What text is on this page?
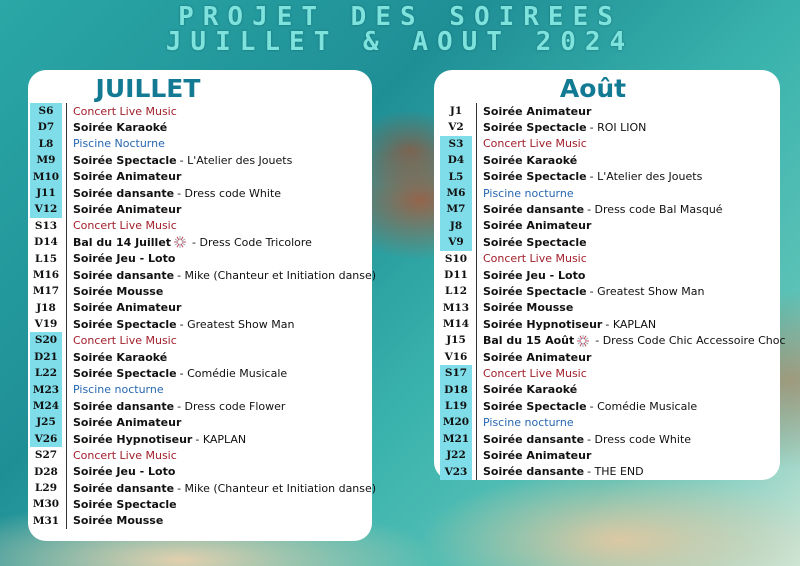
PROJET DES SOIREES
JUILLET & AOUT 2024
JUILLET
S6	Concert Live Music
D7	Soirée Karaoké
L8	Piscine Nocturne
M9	Soirée Spectacle - L'Atelier des Jouets
M10 Soirée Animateur
J11	Soirée dansante - Dress code White
V12	Soirée Animateur
S13	Concert Live Music
D14	Bal du 14 Juillet - Dress Code Tricolore
L15	Soirée Jeu - Loto
M16 Soirée dansante - Mike (Chanteur et Initiation danse)
M17 Soirée Mousse
J18	Soirée Animateur
V19	Soirée Spectacle - Greatest Show Man
S20	Concert Live Music
D21	Soirée Karaoké
L22	Soirée Spectacle - Comédie Musicale
M23 Piscine nocturne
M24 Soirée dansante - Dress code Flower
J25	Soirée Animateur
V26	Soirée Hypnotiseur - KAPLAN
S27	Concert Live Music
D28	Soirée Jeu - Loto
L29	Soirée dansante - Mike (Chanteur et Initiation danse)
M30 Soirée Spectacle
M31 Soirée Mousse
Août
J1	Soirée Animateur
V2	Soirée Spectacle - ROI LION
S3	Concert Live Music
D4	Soirée Karaoké
L5	Soirée Spectacle - L'Atelier des Jouets
M6	Piscine nocturne
M7	Soirée dansante - Dress code Bal Masqué
J8	Soirée Animateur
V9	Soirée Spectacle
S10	Concert Live Music
D11	Soirée Jeu - Loto
L12	Soirée Spectacle - Greatest Show Man
M13 Soirée Mousse
M14 Soirée Hypnotiseur - KAPLAN
J15	Bal du 15 Août - Dress Code Chic Accessoire Choc
V16	Soirée Animateur
S17	Concert Live Music
D18	Soirée Karaoké
L19	Soirée Spectacle - Comédie Musicale
M20 Piscine nocturne
M21 Soirée dansante - Dress code White
J22	Soirée Animateur
V23	Soirée dansante - THE END
